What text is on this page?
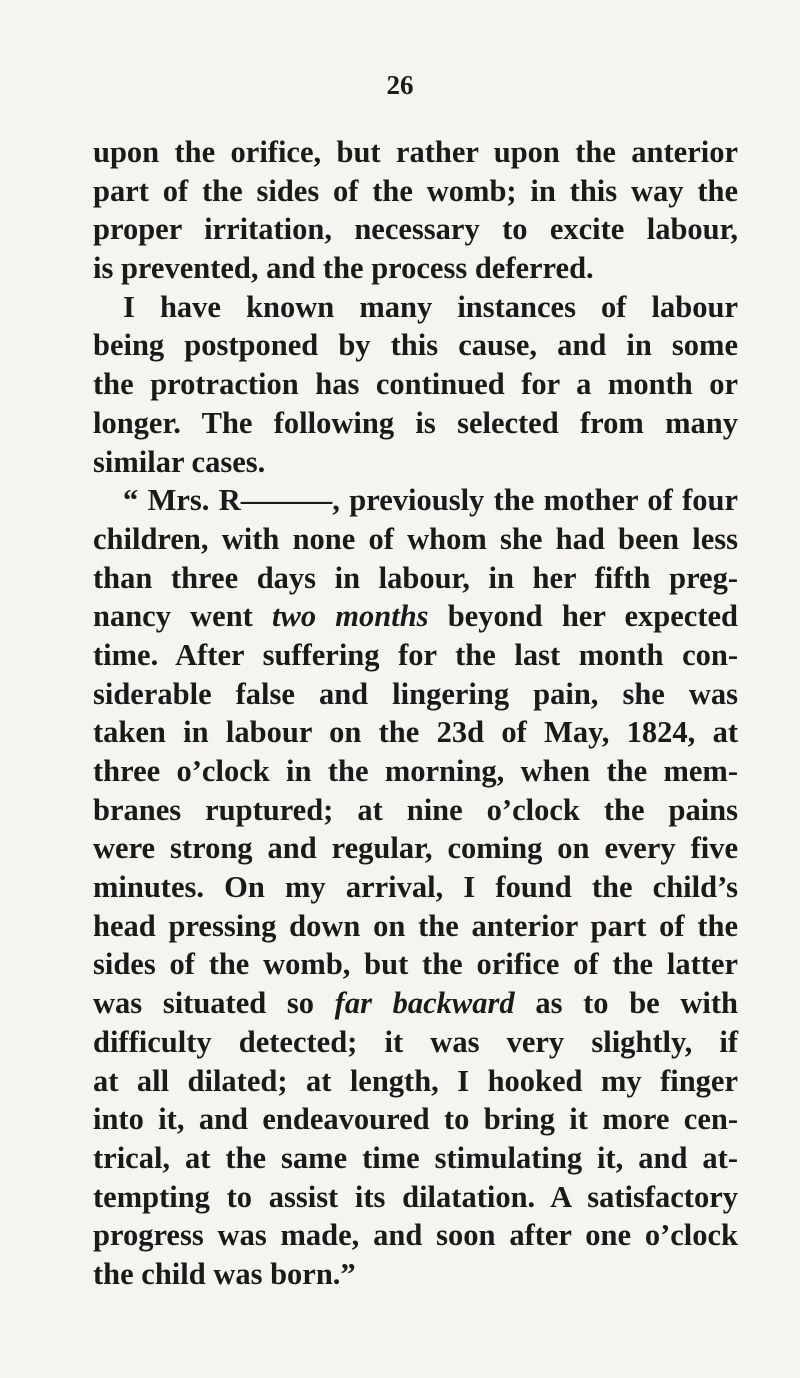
26
upon the orifice, but rather upon the anterior
part of the sides of the womb; in this way the
proper irritation, necessary to excite labour,
is prevented, and the process deferred.
I have known many instances of labour
being postponed by this cause, and in some
the protraction has continued for a month or
longer. The following is selected from many
similar cases.
“ Mrs. R———, previously the mother of four
children, with none of whom she had been less
than three days in labour, in her fifth preg-
nancy went two months beyond her expected
time. After suffering for the last month con-
siderable false and lingering pain, she was
taken in labour on the 23d of May, 1824, at
three o’clock in the morning, when the mem-
branes ruptured; at nine o’clock the pains
were strong and regular, coming on every five
minutes. On my arrival, I found the child’s
head pressing down on the anterior part of the
sides of the womb, but the orifice of the latter
was situated so far backward as to be with
difficulty detected; it was very slightly, if
at all dilated; at length, I hooked my finger
into it, and endeavoured to bring it more cen-
trical, at the same time stimulating it, and at-
tempting to assist its dilatation. A satisfactory
progress was made, and soon after one o’clock
the child was born.”
